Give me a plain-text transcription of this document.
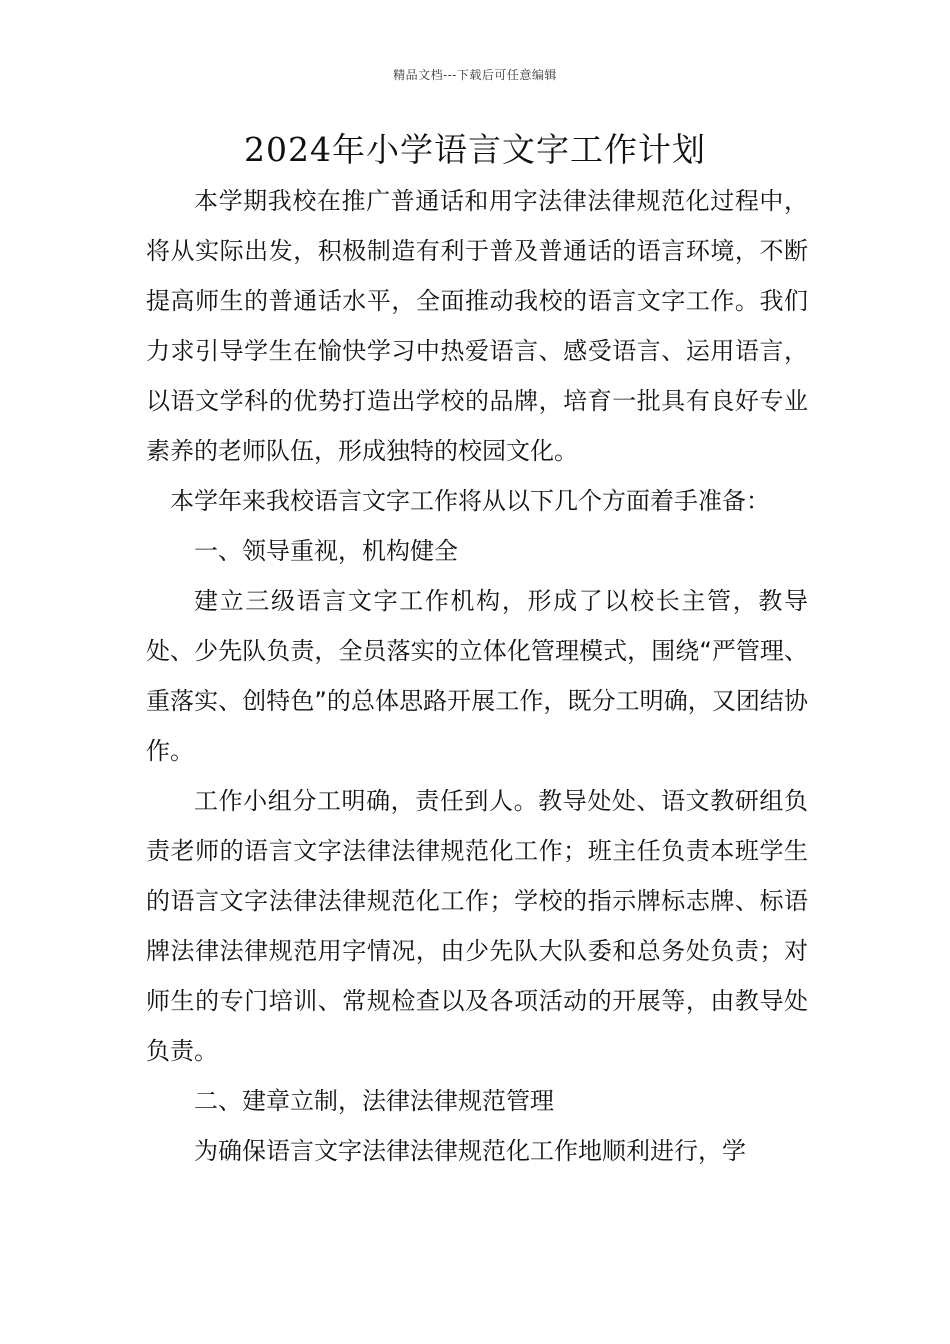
精品文档---下载后可任意编辑
2024年小学语言文字工作计划

本学期我校在推广普通话和用字法律法律规范化过程中，将从实际出发，积极制造有利于普及普通话的语言环境，不断提高师生的普通话水平，全面推动我校的语言文字工作。我们力求引导学生在愉快学习中热爱语言、感受语言、运用语言，以语文学科的优势打造出学校的品牌，培育一批具有良好专业素养的老师队伍，形成独特的校园文化。

本学年来我校语言文字工作将从以下几个方面着手准备：

一、领导重视，机构健全

建立三级语言文字工作机构，形成了以校长主管，教导处、少先队负责，全员落实的立体化管理模式，围绕“严管理、重落实、创特色”的总体思路开展工作，既分工明确，又团结协作。

工作小组分工明确，责任到人。教导处处、语文教研组负责老师的语言文字法律法律规范化工作；班主任负责本班学生的语言文字法律法律规范化工作；学校的指示牌标志牌、标语牌法律法律规范用字情况，由少先队大队委和总务处负责；对师生的专门培训、常规检查以及各项活动的开展等，由教导处负责。

二、建章立制，法律法律规范管理

为确保语言文字法律法律规范化工作地顺利进行，学
